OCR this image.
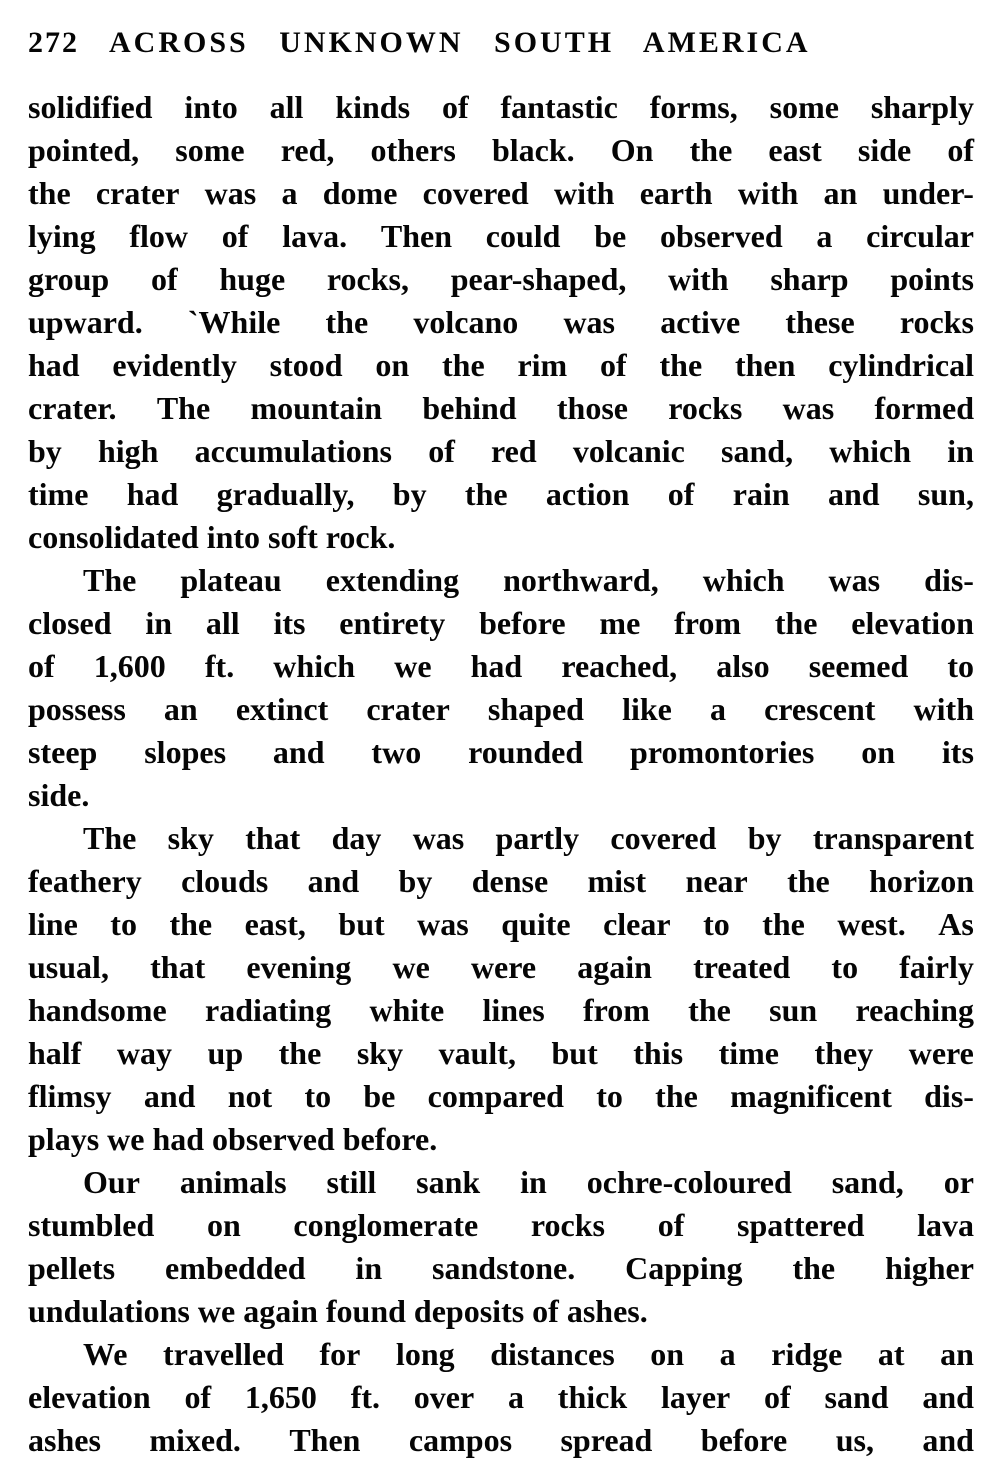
272 ACROSS UNKNOWN SOUTH AMERICA
solidified into all kinds of fantastic forms, some sharply
pointed, some red, others black. On the east side of
the crater was a dome covered with earth with an under-
lying flow of lava. Then could be observed a circular
group of huge rocks, pear-shaped, with sharp points
upward. `While the volcano was active these rocks
had evidently stood on the rim of the then cylindrical
crater. The mountain behind those rocks was formed
by high accumulations of red volcanic sand, which in
time had gradually, by the action of rain and sun,
consolidated into soft rock.
The plateau extending northward, which was dis-
closed in all its entirety before me from the elevation
of 1,600 ft. which we had reached, also seemed to
possess an extinct crater shaped like a crescent with
steep slopes and two rounded promontories on its
side.
The sky that day was partly covered by transparent
feathery clouds and by dense mist near the horizon
line to the east, but was quite clear to the west. As
usual, that evening we were again treated to fairly
handsome radiating white lines from the sun reaching
half way up the sky vault, but this time they were
flimsy and not to be compared to the magnificent dis-
plays we had observed before.
Our animals still sank in ochre-coloured sand, or
stumbled on conglomerate rocks of spattered lava
pellets embedded in sandstone. Capping the higher
undulations we again found deposits of ashes.
We travelled for long distances on a ridge at an
elevation of 1,650 ft. over a thick layer of sand and
ashes mixed. Then campos spread before us, and
